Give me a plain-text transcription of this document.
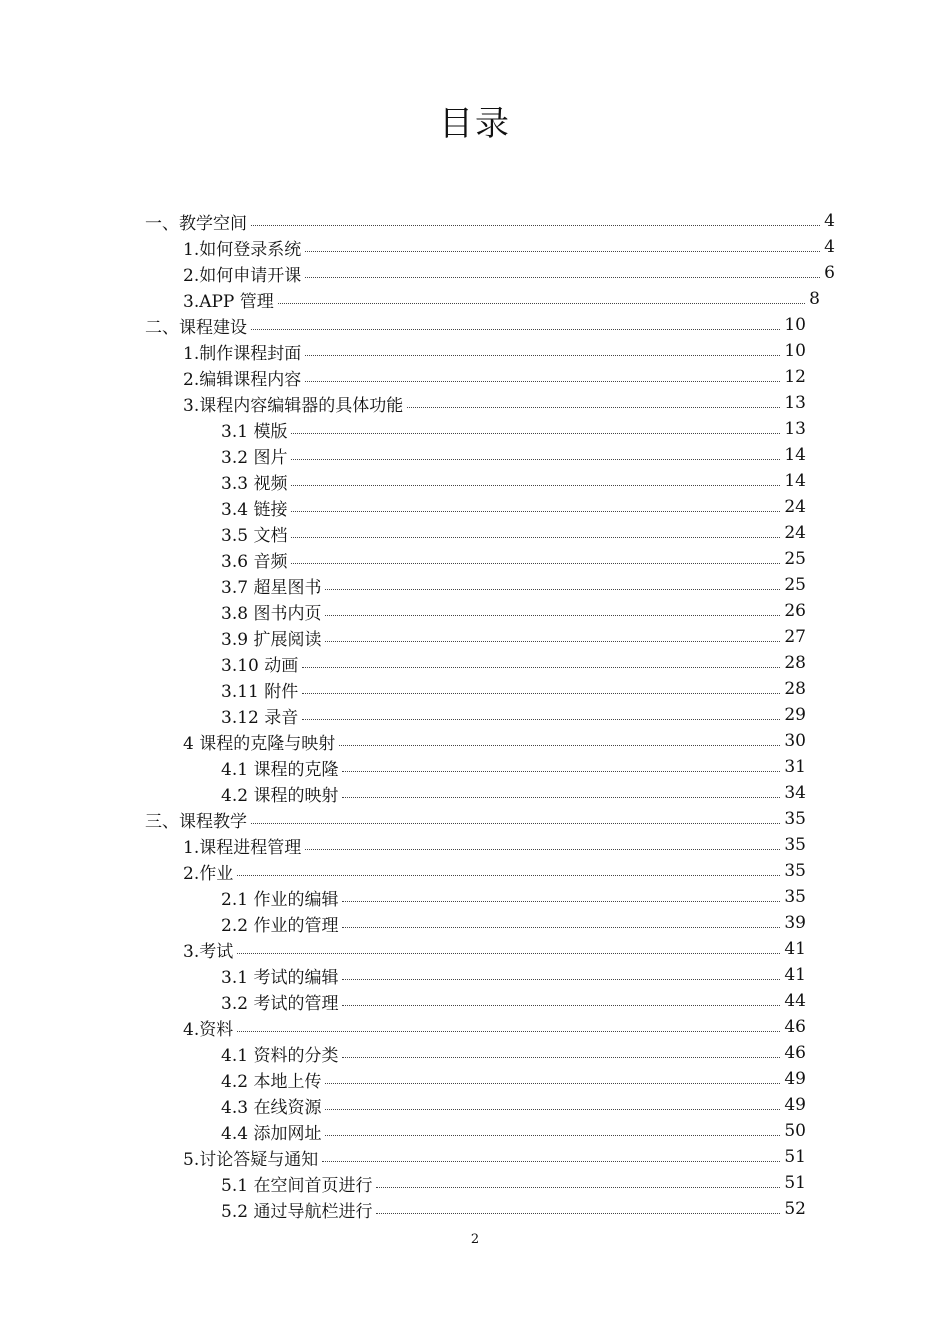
目录
一、教学空间	4
1.如何登录系统	4
2.如何申请开课	6
3.APP 管理	8
二、课程建设	10
1.制作课程封面	10
2.编辑课程内容	12
3.课程内容编辑器的具体功能	13
3.1 模版	13
3.2 图片	14
3.3 视频	14
3.4 链接	24
3.5 文档	24
3.6 音频	25
3.7 超星图书	25
3.8 图书内页	26
3.9 扩展阅读	27
3.10 动画	28
3.11 附件	28
3.12 录音	29
4 课程的克隆与映射	30
4.1 课程的克隆	31
4.2 课程的映射	34
三、课程教学	35
1.课程进程管理	35
2.作业	35
2.1 作业的编辑	35
2.2 作业的管理	39
3.考试	41
3.1 考试的编辑	41
3.2 考试的管理	44
4.资料	46
4.1 资料的分类	46
4.2 本地上传	49
4.3 在线资源	49
4.4 添加网址	50
5.讨论答疑与通知	51
5.1 在空间首页进行	51
5.2 通过导航栏进行	52
2
